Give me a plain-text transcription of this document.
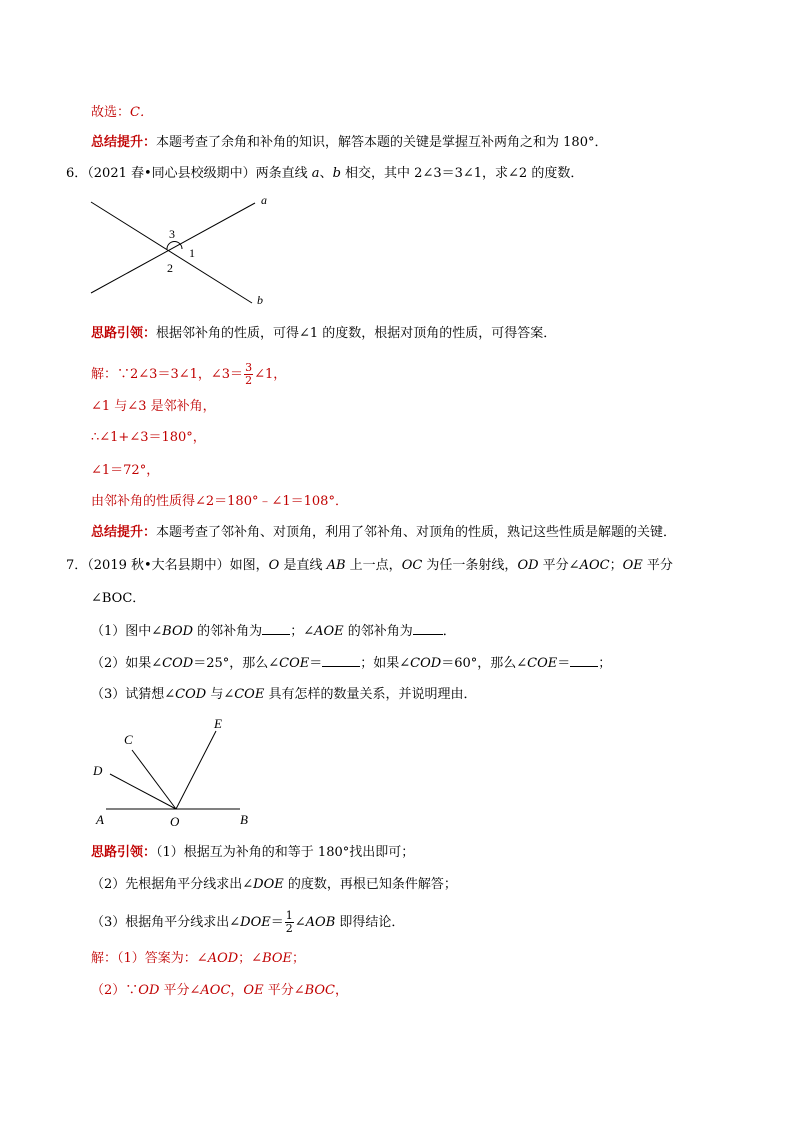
故选：C．
总结提升：本题考查了余角和补角的知识，解答本题的关键是掌握互补两角之和为 180°．
6．（2021 春•同心县校级期中）两条直线 a、b 相交，其中 2∠3＝3∠1，求∠2 的度数．
a
b
3
1
2
思路引领：根据邻补角的性质，可得∠1 的度数，根据对顶角的性质，可得答案．
解：∵2∠3＝3∠1，∠3＝ $\frac{3}{2}$ ∠1，
∠1 与∠3 是邻补角，
∴∠1+∠3＝180°，
∠1＝72°，
由邻补角的性质得∠2＝180°﹣∠1＝108°．
总结提升：本题考查了邻补角、对顶角，利用了邻补角、对顶角的性质，熟记这些性质是解题的关键．
7．（2019 秋•大名县期中）如图，O 是直线 AB 上一点，OC 为任一条射线，OD 平分∠AOC；OE 平分
∠BOC．
（1）图中∠BOD 的邻补角为 ；∠AOE 的邻补角为 ．
（2）如果∠COD＝25°，那么∠COE＝	；如果∠COD＝60°，那么∠COE＝ ；
（3）试猜想∠COD 与∠COE 具有怎样的数量关系，并说明理由．
A	O	B
C
D
E
思路引领：（1）根据互为补角的和等于 180°找出即可；
（2）先根据角平分线求出∠DOE 的度数，再根已知条件解答；
（3）根据角平分线求出∠DOE＝ $\frac{1}{2}$ ∠AOB 即得结论．
解：（1）答案为：∠AOD；∠BOE；
（2）∵OD 平分∠AOC，OE 平分∠BOC，
